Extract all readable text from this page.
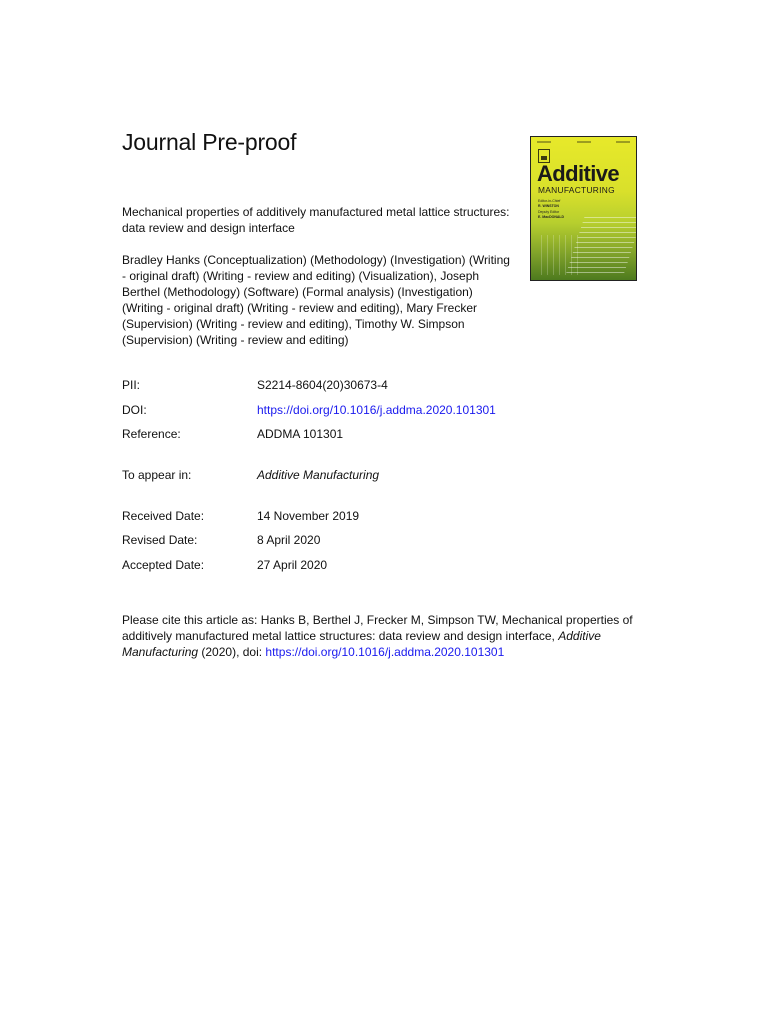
Journal Pre-proof
Additive
MANUFACTURING
Editor-in-Chief
R. WINSTON
Deputy Editor
E. MacDONALD

Mechanical properties of additively manufactured metal lattice structures: data review and design interface

Bradley Hanks (Conceptualization) (Methodology) (Investigation) (Writing - original draft) (Writing - review and editing) (Visualization), Joseph Berthel (Methodology) (Software) (Formal analysis) (Investigation) (Writing - original draft) (Writing - review and editing), Mary Frecker (Supervision) (Writing - review and editing), Timothy W. Simpson (Supervision) (Writing - review and editing)

PII:	S2214-8604(20)30673-4
DOI:	https://doi.org/10.1016/j.addma.2020.101301
Reference:	ADDMA 101301
To appear in:	Additive Manufacturing
Received Date:	14 November 2019
Revised Date:	8 April 2020
Accepted Date:	27 April 2020

Please cite this article as: Hanks B, Berthel J, Frecker M, Simpson TW, Mechanical properties of additively manufactured metal lattice structures: data review and design interface, Additive Manufacturing (2020), doi: https://doi.org/10.1016/j.addma.2020.101301
